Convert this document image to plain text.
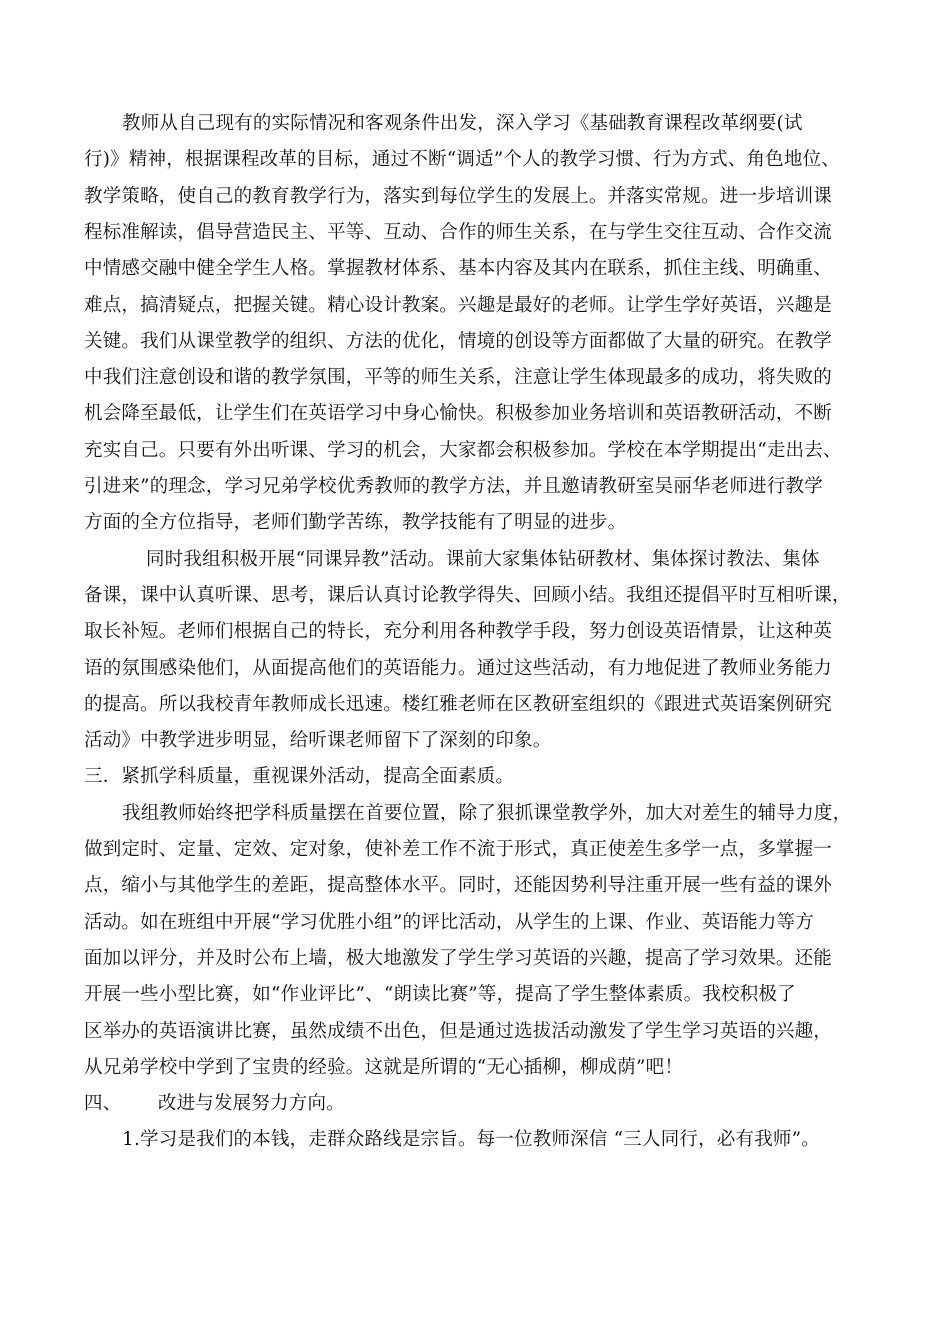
教师从自己现有的实际情况和客观条件出发，深入学习《基础教育课程改革纲要(试
行)》精神，根据课程改革的目标，通过不断“调适”个人的教学习惯、行为方式、角色地位、
教学策略，使自己的教育教学行为，落实到每位学生的发展上。并落实常规。进一步培训课
程标准解读，倡导营造民主、平等、互动、合作的师生关系，在与学生交往互动、合作交流
中情感交融中健全学生人格。掌握教材体系、基本内容及其内在联系，抓住主线、明确重、
难点，搞清疑点，把握关键。精心设计教案。兴趣是最好的老师。让学生学好英语，兴趣是
关键。我们从课堂教学的组织、方法的优化，情境的创设等方面都做了大量的研究。在教学
中我们注意创设和谐的教学氛围，平等的师生关系，注意让学生体现最多的成功，将失败的
机会降至最低，让学生们在英语学习中身心愉快。积极参加业务培训和英语教研活动，不断
充实自己。只要有外出听课、学习的机会，大家都会积极参加。学校在本学期提出“走出去、
引进来”的理念，学习兄弟学校优秀教师的教学方法，并且邀请教研室吴丽华老师进行教学
方面的全方位指导，老师们勤学苦练，教学技能有了明显的进步。
同时我组积极开展“同课异教”活动。课前大家集体钻研教材、集体探讨教法、集体
备课，课中认真听课、思考，课后认真讨论教学得失、回顾小结。我组还提倡平时互相听课，
取长补短。老师们根据自己的特长，充分利用各种教学手段，努力创设英语情景，让这种英
语的氛围感染他们，从面提高他们的英语能力。通过这些活动，有力地促进了教师业务能力
的提高。所以我校青年教师成长迅速。楼红雅老师在区教研室组织的《跟进式英语案例研究
活动》中教学进步明显，给听课老师留下了深刻的印象。
三．紧抓学科质量，重视课外活动，提高全面素质。
我组教师始终把学科质量摆在首要位置，除了狠抓课堂教学外，加大对差生的辅导力度，
做到定时、定量、定效、定对象，使补差工作不流于形式，真正使差生多学一点，多掌握一
点，缩小与其他学生的差距，提高整体水平。同时，还能因势利导注重开展一些有益的课外
活动。如在班组中开展“学习优胜小组”的评比活动，从学生的上课、作业、英语能力等方
面加以评分，并及时公布上墙，极大地激发了学生学习英语的兴趣，提高了学习效果。还能
开展一些小型比赛，如“作业评比”、“朗读比赛”等，提高了学生整体素质。我校积极了
区举办的英语演讲比赛，虽然成绩不出色，但是通过选拔活动激发了学生学习英语的兴趣，
从兄弟学校中学到了宝贵的经验。这就是所谓的“无心插柳，柳成荫”吧！
四、      改进与发展努力方向。
1.学习是我们的本钱，走群众路线是宗旨。每一位教师深信 “三人同行，必有我师”。
